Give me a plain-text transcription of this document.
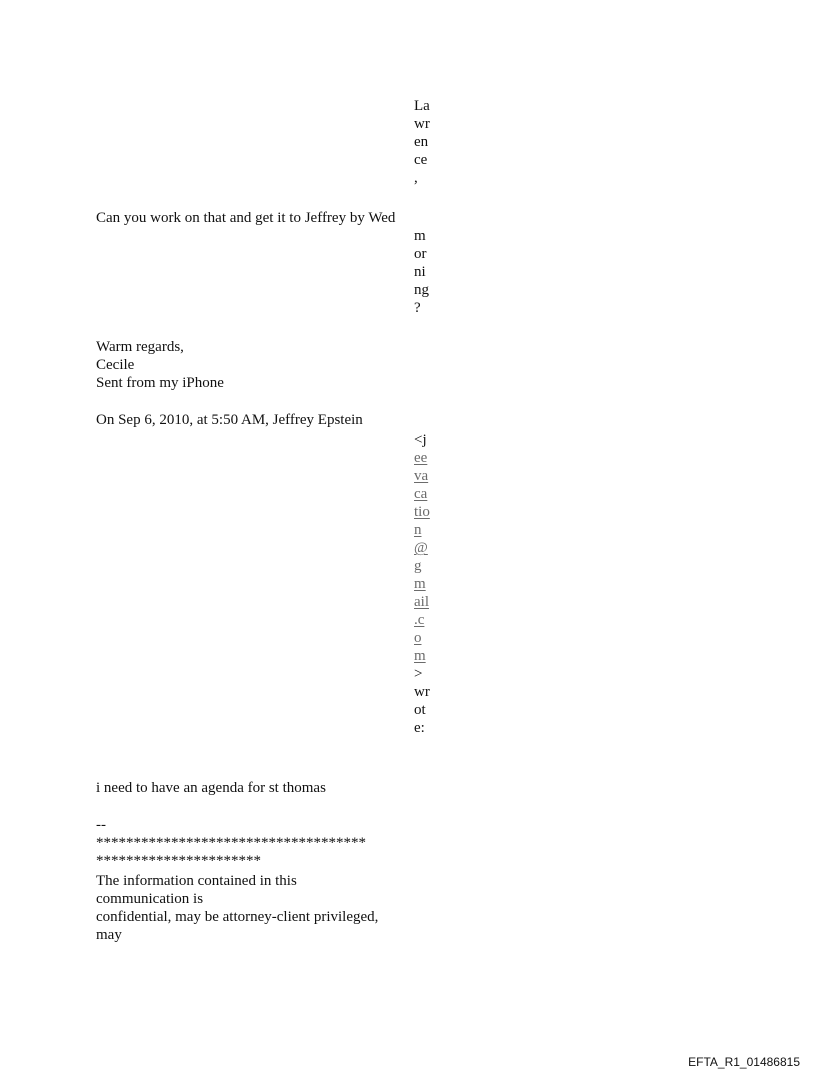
La
wr
en
ce
,
Can you work on that and get it to Jeffrey by Wed
m
or
ni
ng
?
Warm regards,
Cecile
Sent from my iPhone
On Sep 6, 2010, at 5:50 AM, Jeffrey Epstein
<j
ee
va
ca
tio
n
@
g
m
ail
.c
o
m
>
wr
ot
e:
i need to have an agenda for st thomas
--
************************************
**********************
The information contained in this
communication is
confidential, may be attorney-client privileged,
may
EFTA_R1_01486815
